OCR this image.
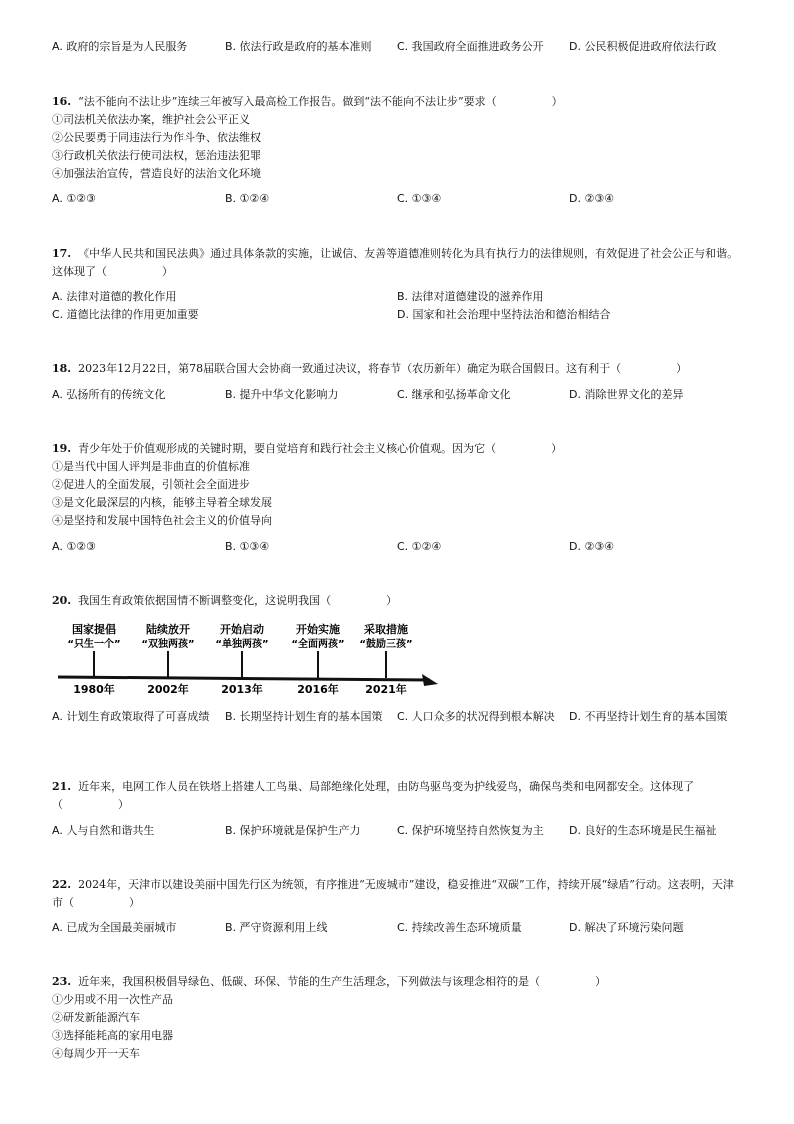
A. 政府的宗旨是为人民服务	B. 依法行政是政府的基本准则 C. 我国政府全面推进政务公开 D. 公民积极促进政府依法行政
16. “法不能向不法让步”连续三年被写入最高检工作报告。做到“法不能向不法让步”要求（　　　　　）
①司法机关依法办案，维护社会公平正义
②公民要勇于同违法行为作斗争、依法维权
③行政机关依法行使司法权，惩治违法犯罪
④加强法治宣传，营造良好的法治文化环境
A. ①②③	B. ①②④	C. ①③④	D. ②③④
17. 《中华人民共和国民法典》通过具体条款的实施，让诚信、友善等道德准则转化为具有执行力的法律规则，有效促进了社会公正与和谐。这体现了（　　　　　）
A. 法律对道德的教化作用	B. 法律对道德建设的滋养作用
C. 道德比法律的作用更加重要	D. 国家和社会治理中坚持法治和德治相结合
18. 2023年12月22日，第78届联合国大会协商一致通过决议，将春节（农历新年）确定为联合国假日。这有利于（　　　　　）
A. 弘扬所有的传统文化	B. 提升中华文化影响力	C. 继承和弘扬革命文化	D. 消除世界文化的差异
19. 青少年处于价值观形成的关键时期，要自觉培育和践行社会主义核心价值观。因为它（　　　　　）
①是当代中国人评判是非曲直的价值标准
②促进人的全面发展，引领社会全面进步
③是文化最深层的内核，能够主导着全球发展
④是坚持和发展中国特色社会主义的价值导向
A. ①②③	B. ①③④	C. ①②④	D. ②③④
20. 我国生育政策依据国情不断调整变化，这说明我国（　　　　　）
国家提倡
“只生一个”
1980年
陆续放开
“双独两孩”
2002年
开始启动
“单独两孩”
2013年
开始实施
“全面两孩”
2016年
采取措施
“鼓励三孩”
2021年
A. 计划生育政策取得了可喜成绩 B. 长期坚持计划生育的基本国策 C. 人口众多的状况得到根本解决 D. 不再坚持计划生育的基本国策
21. 近年来，电网工作人员在铁塔上搭建人工鸟巢、局部绝缘化处理，由防鸟驱鸟变为护线爱鸟，确保鸟类和电网都安全。这体现了（　　　　　）
A. 人与自然和谐共生	B. 保护环境就是保护生产力	C. 保护环境坚持自然恢复为主 D. 良好的生态环境是民生福祉
22. 2024年，天津市以建设美丽中国先行区为统领，有序推进“无废城市”建设，稳妥推进“双碳”工作，持续开展“绿盾”行动。这表明，天津市（　　　　　）
A. 已成为全国最美丽城市	B. 严守资源利用上线	C. 持续改善生态环境质量	D. 解决了环境污染问题
23. 近年来，我国积极倡导绿色、低碳、环保、节能的生产生活理念，下列做法与该理念相符的是（　　　　　）
①少用或不用一次性产品
②研发新能源汽车
③选择能耗高的家用电器
④每周少开一天车
